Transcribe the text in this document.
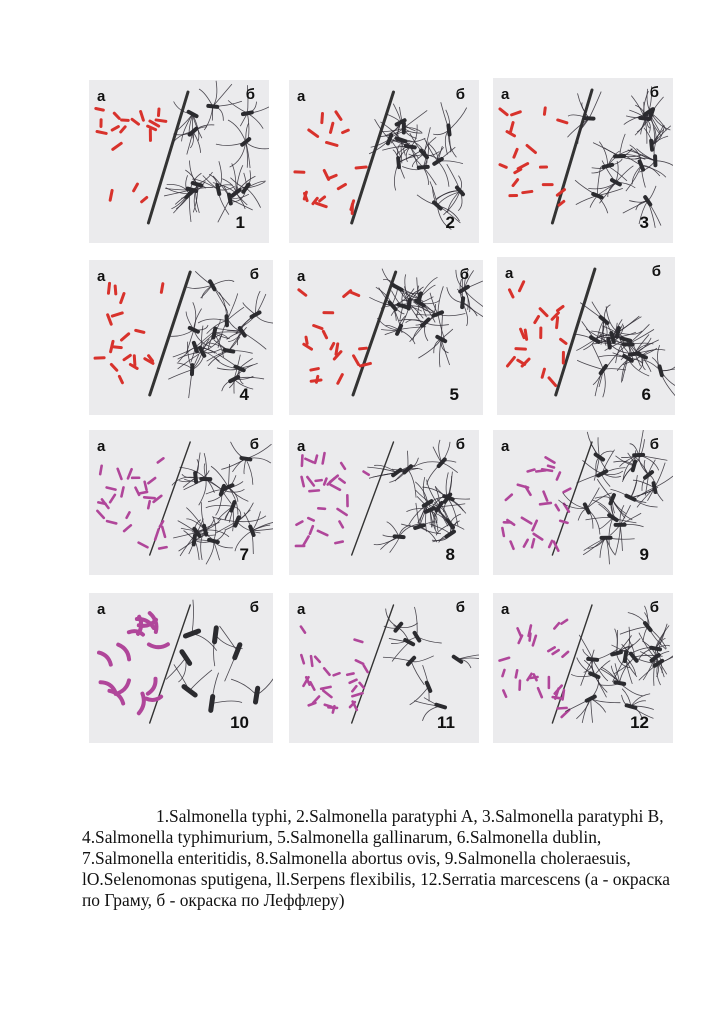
а	б
1
а	б
2
а	б
3
а	б
4
а	б
5
а	б
6
а	б
7
а	б
8
а	б
9
а	б
10
а	б
11
а	б
12

1.Salmonella typhi, 2.Salmonella paratyphi A, 3.Salmonella paratyphi B, 4.Salmonella typhimurium, 5.Salmonella gallinarum, 6.Salmonella dublin, 7.Salmonella enteritidis, 8.Salmonella abortus ovis, 9.Salmonella choleraesuis, lO.Selenomonas sputigena, ll.Serpens flexibilis, 12.Serratia marcescens (а - окраска по Граму, б - окраска по Леффлеру)
